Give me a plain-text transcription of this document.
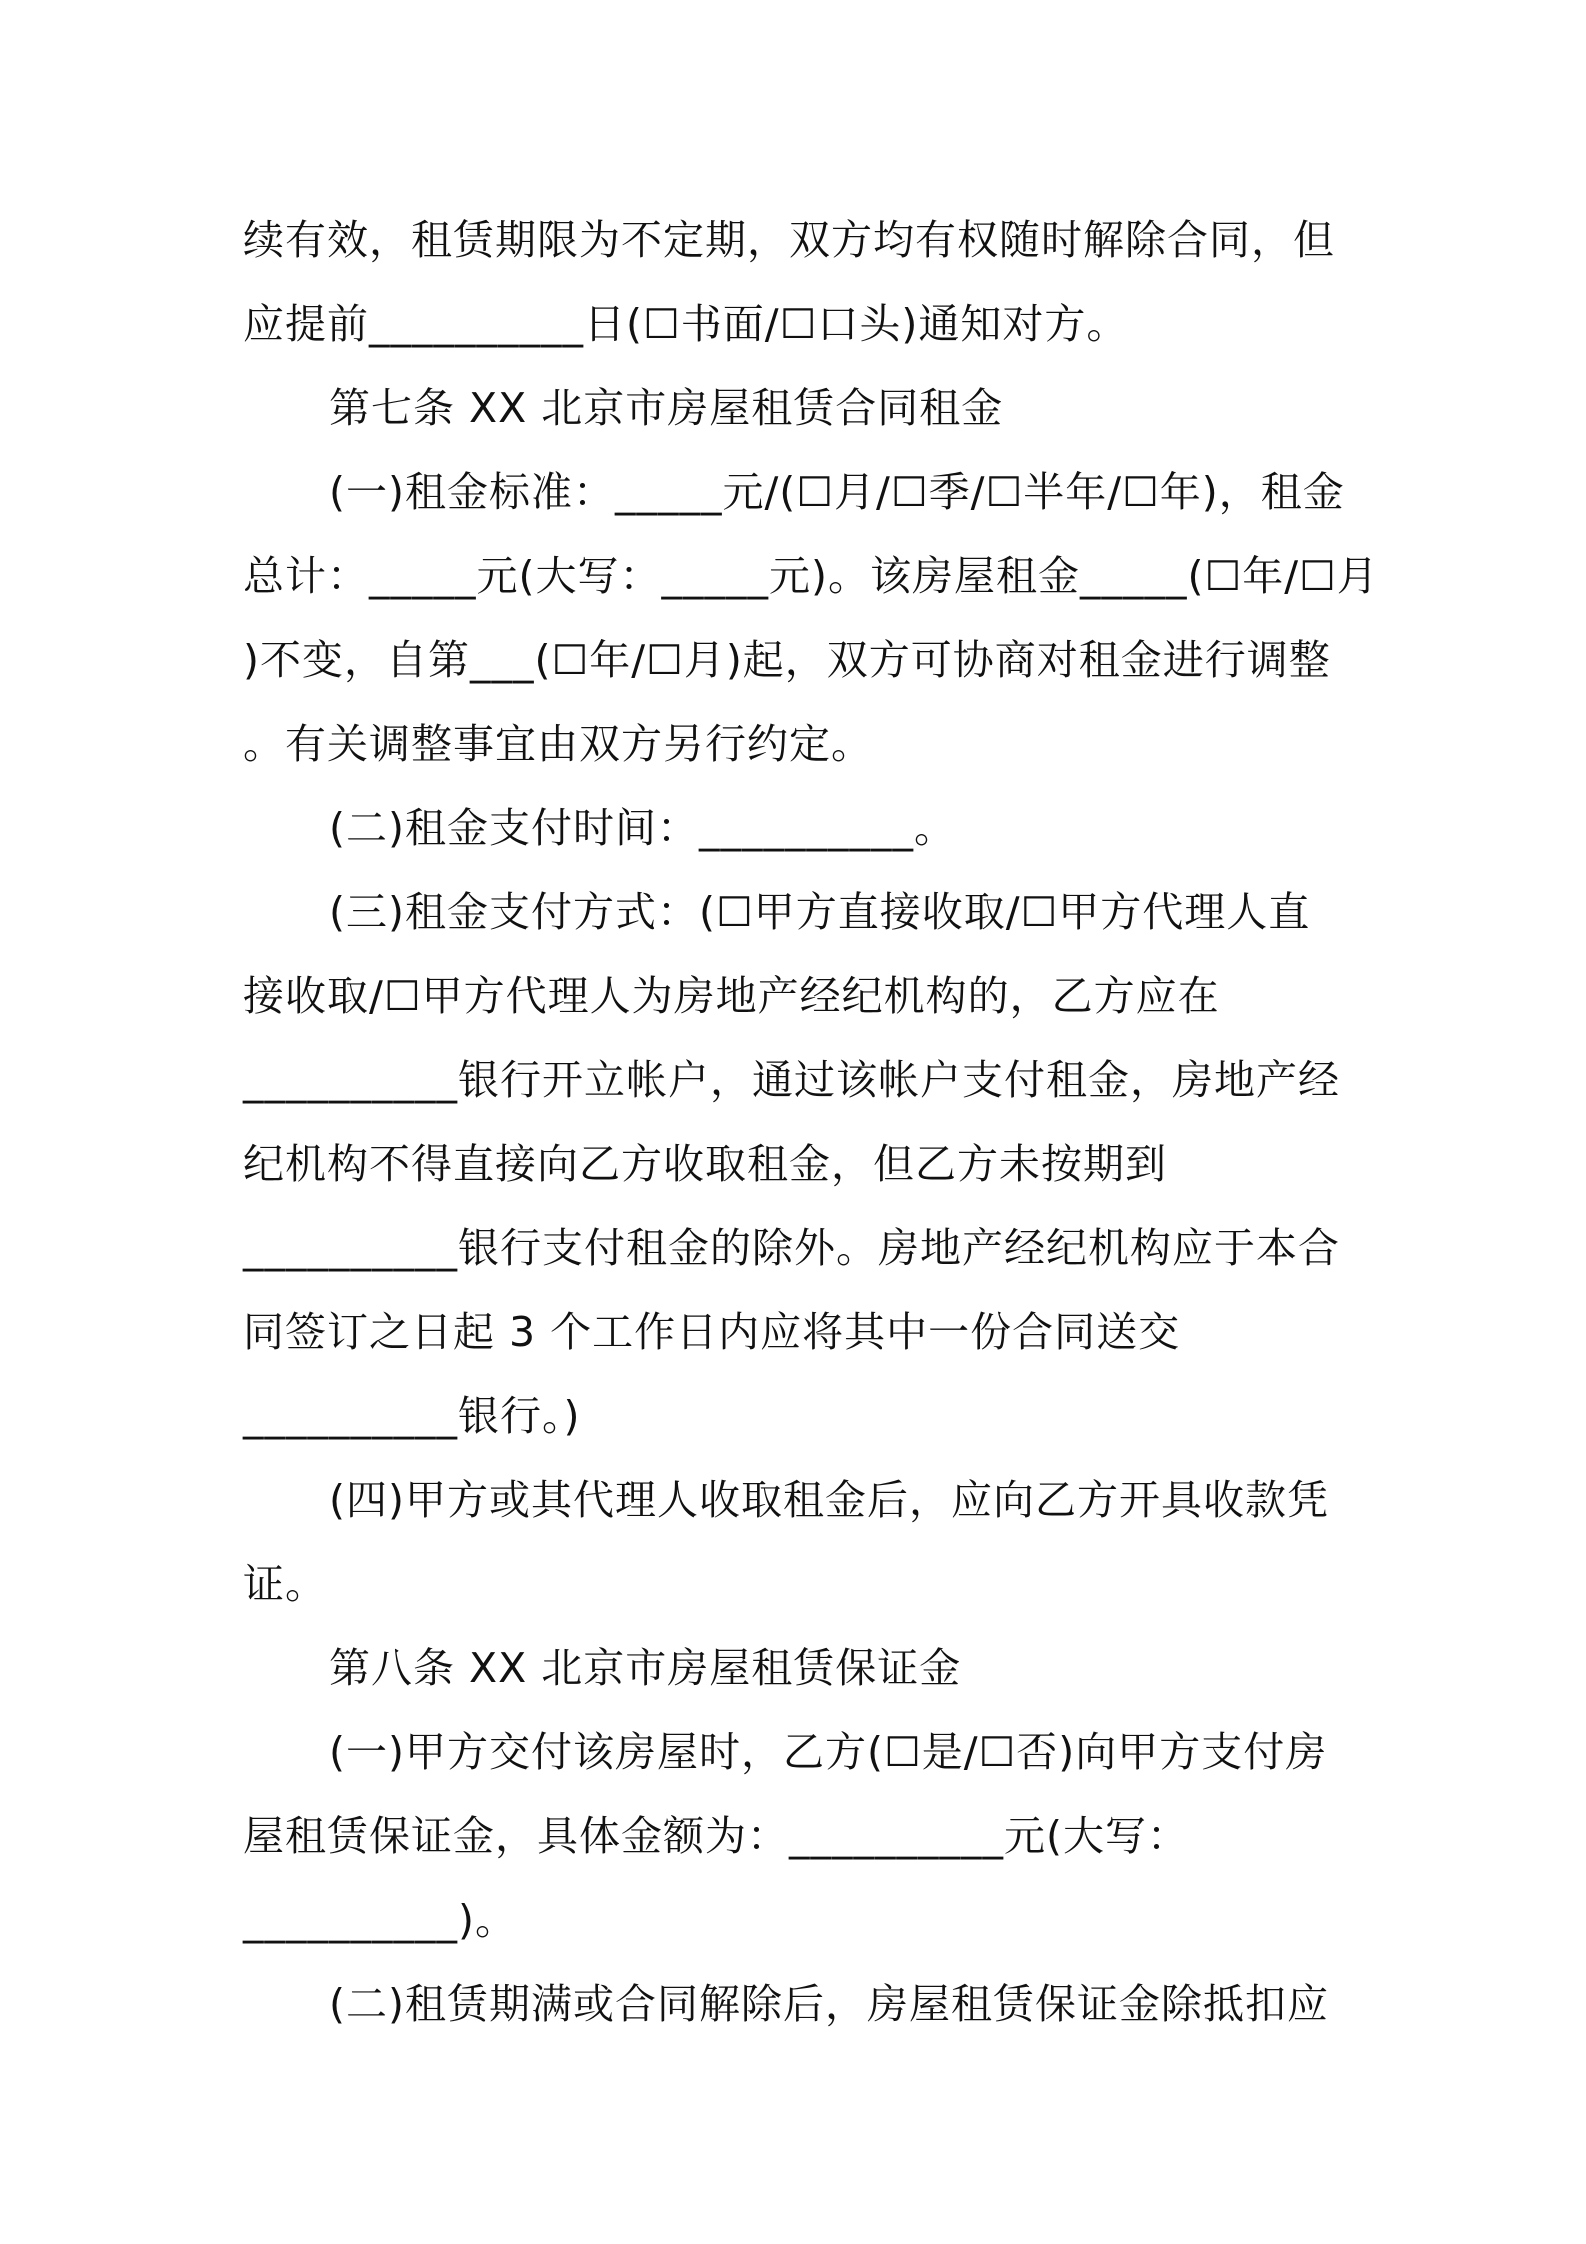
续有效，租赁期限为不定期，双方均有权随时解除合同，但
应提前__________日(☐书面/☐口头)通知对方。
第七条 XX 北京市房屋租赁合同租金
(一)租金标准：_____元/(☐月/☐季/☐半年/☐年)，租金
总计：_____元(大写：_____元)。该房屋租金_____(☐年/☐月
)不变，自第___(☐年/☐月)起，双方可协商对租金进行调整
。有关调整事宜由双方另行约定。
(二)租金支付时间：__________。
(三)租金支付方式：(☐甲方直接收取/☐甲方代理人直
接收取/☐甲方代理人为房地产经纪机构的，乙方应在
__________银行开立帐户，通过该帐户支付租金，房地产经
纪机构不得直接向乙方收取租金，但乙方未按期到
__________银行支付租金的除外。房地产经纪机构应于本合
同签订之日起 3 个工作日内应将其中一份合同送交
__________银行。)
(四)甲方或其代理人收取租金后，应向乙方开具收款凭
证。
第八条 XX 北京市房屋租赁保证金
(一)甲方交付该房屋时，乙方(☐是/☐否)向甲方支付房
屋租赁保证金，具体金额为：__________元(大写：
__________)。
(二)租赁期满或合同解除后，房屋租赁保证金除抵扣应
